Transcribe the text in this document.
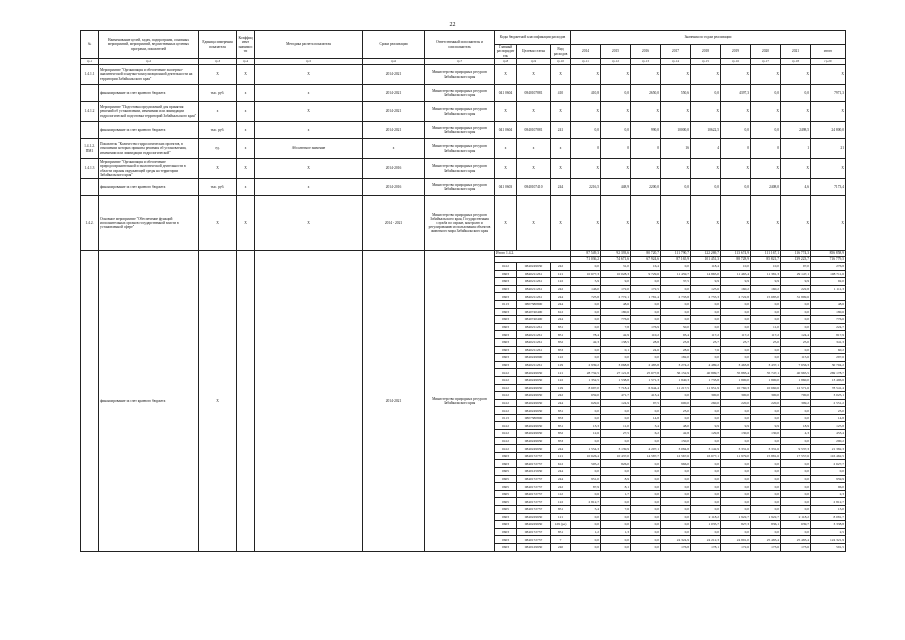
22
№	Наименование целей, задач, подпрограмм, основных мероприятий, мероприятий, ведомственных целевых программ, показателей	Единица измерения показателя	Коэффициент значимости	Методика расчета показателя	Сроки реализации	Ответственный исполнитель и соисполнитель	Коды бюджетной классификации расходов			Значения по годам реализации								
							Главный распорядитель	Целевая статья	Вид расходов	2014	2015	2016	2017	2018	2019	2020	2021	итого
гр.1	гр.2	гр.3	гр.4	гр.5	гр.6	гр.7	гр.8	гр.9	гр.10	гр.11	гр.12	гр.13	гр.14	гр.15	гр.16	гр.17	гр.18	гр.20
1.4.1.1	Мероприятие "Организация и обеспечение экспертно-аналитической и научно-консультационной деятельности на территории Забайкальского края"	Х	Х	Х	2014-2021	Министерство природных ресурсов Забайкальского края	Х	Х	Х	Х	Х	Х	Х	Х	Х	Х	Х	Х
	финансирование за счет краевого бюджета	тыс. руб.	х	х	2014-2021	Министерство природных ресурсов Забайкальского края	041 0604	0840107881	410	410,8	0,0	2650,0	550,6	0,0	4397,3	0,0	0,0	7971,3
1.4.1.2	Мероприятие "Подготовка предложений для принятия решений об установлении, изменении или ликвидации гидрологической подготовка территорий Забайкальского края"	х	х	Х	2014-2021	Министерство природных ресурсов Забайкальского края	Х	Х	Х	Х	Х	Х	Х	Х	Х	Х	Х	Х
	финансирование за счет краевого бюджета	тыс. руб.	х	х	2014-2021	Министерство природных ресурсов Забайкальского края	041 0604	0840107881	241	0,0	0,0	990,0	10000,0	10622,5	0,0	0,0	2498,5	24 800,0
1.4.1.2. ПМ1	Показатель "Количество гидрологических проектов, в отношении которых приняты решения об установлении, изменении или ликвидации гидрологической"	ед.	х	Абсолютное значение	х	Министерство природных ресурсов Забайкальского края	х	х	х	0	0	0	16	4	0	0	1	21
1.4.1.3	Мероприятие "Организация и обеспечение природоохранительной и экологической деятельности в области охраны окружающей среды на территории Забайкальского края"	Х	Х	Х	2014-2016	Министерство природных ресурсов Забайкальского края	Х	Х	Х	Х	Х	Х	Х	Х	Х	Х	Х	Х
	финансирование за счет краевого бюджета	тыс. руб.	х	х	2014-2016	Министерство природных ресурсов Забайкальского края	041 0603	0840107410	244	2216,5	448,9	2200,0	0,0	0,0	0,0	2408,0	4,6	7173,4
1.4.2.	Основное мероприятие "Обеспечение функций исполнительных органов государственной власти в установленной сфере"	Х	Х	Х	2014 - 2021	Министерство природных ресурсов Забайкальского края, Государственная служба по охране, контролю и регулированию использования объектов животного мира Забайкальского края	Х	Х	Х	Х	Х	Х	Х	Х	Х	Х	Х	Х
	финансирование за счет краевого бюджета	Х			2014-2021	Министерство природных ресурсов Забайкальского края	Итого 1.4.2.			87 549,3	92 393,6	80 720,7	111 790,7	122 269,7	113 674,9	111 167,1	116 774,3	856 858,9
										71 036,2	74 671,6	67 924,6	87 165,9	101 451,3	88 728,9	85 821,7	139 223,7	716 779,5
							0412	0840249930	242	0,0	31,0	16,4	0,0	118,4	10,0	10,0	97,0	276,8
							0603	0840211261	121	10 677,3	10 028,3	9 729,6	11 459,7	14 865,0	11 465,4	11 381,3	29 147,1	108 711,6
							0603	0840211261	122	5,9	9,0	0,0	37,5	9,9	9,9	9,9	9,9	92,0
							0603	0840211261	242	146,0	172,0	172,5	0,0	125,6	160,2	160,2	222,8	1 111,3
							0603	0840211261	244	725,8	2 772,1	1 781,4	2 733,8	2 755,3	2 722,8	15 685,0	31 899,6	
							0113	0807380800	244	0,0	48,6	0,0	0,0	0,0	0,0	0,0	0,0	48,6
							0603	0840740400	612	0,0	180,6	0,0	0,0	0,0	0,0	0,0	0,0	180,6
							0603	0840740400	244	0,0	776,6	0,0	0,0	0,0	0,0	0,0	0,0	776,6
							0603	0840211261	831	0,0	7,8	176,9	50,0	0,0	0,0	11,0	0,0	224,7
							0603	0840211261	851	78,4	42,9	110,2	93,4	117,2	117,2	117,2	124,4	817,9
							0603	0840211261	852	42,3	138,5	28,8	23,8	23,7	23,7	25,0	25,0	341,3
							0603	0840211261	853	0,0	0,1	24,6	28,6	7,6	0,0	0,0	0,0	60,2
							0603	0840249990	122	0,0	0,0	0,0	182,0	0,0	0,0	0,0	115,6	297,6
							0603	0840211261	129	2 939,2	3 068,8	2 485,8	3 274,2	4 489,2	3 463,8	3 437,1	7 656,3	30 704,2
							0412	0840249930	121	28 732,5	27 121,8	25 677,8	36 152,9	40 899,7	35 883,4	35 747,1	40 965,5	269 178,7
							0412	0840249930	122	1 352,5	1 538,8	1 571,3	1 840,3	1 733,8	1 800,0	1 800,0	1 860,0	13 496,6
							0412	0840249930	129	8 697,0	7 718,4	6 944,4	11 217,5	11 951,9	10 760,3	10 660,6	12 571,6	78 541,4
							0412	0840249930	242	659,0	471,7	413,4	0,0	300,0	300,0	300,0	700,0	3 025,1
							0412	0840249930	244	629,6	124,9	97,5	600,0	260,0	220,0	220,0	399,2	2 551,2
							0412	0840249930	831	0,0	0,0	0,0	23,0	0,0	0,0	0,0	0,0	23,0
							0113	0807380800	853	0,0	0,0	14,8	0,0	0,0	0,0	0,0	0,0	14,8
							0412	0840249930	851	13,3	11,0	3,4	48,0	9,9	9,9	9,9	18,9	125,8
							0412	0840249930	852	12,6	27,5	6,2	42,8	129,8	130,0	130,0	4,3	453,4
							0412	0840249930	853	0,0	0,0	0,0	150,0	0,0	0,0	0,0	0,0	290,2
							0412	0840249930	244	1 554,3	3 139,9	4 207,1	3 084,8	3 142,9	3 331,6	3 331,6	9 537,3	21 382,3
							0603	0840172737	121	10 626,4	10 437,0	14 587,7	12 567,6	16 677,1	11 979,0	15 881,6	17 557,6	116 462,5
							0603	0840172737	612	505,2	826,0	0,0	966,0	0,0	0,0	0,0	0,0	2 627,7
							0605	0840125930	244	0,0	0,0	0,0	0,0	0,0	0,0	0,0	0,0	0,0
							0605	0840172737	244	951,0	8,9	0,0	0,0	0,0	0,0	0,0	0,0	959,9
							0605	0840172737	242	87,9	8,1	0,0	0,0	0,0	0,0	0,0	0,0	96,0
							0605	0840172737	112	0,6	1,7	0,0	0,0	0,0	0,0	0,0	0,0	2,3
							0605	0840172737	122	2 812,7	0,0	0,0	0,0	0,0	0,0	0,0	0,0	2 812,7
							0605	0840172737	851	5,4	7,6	0,0	0,0	0,0	0,0	0,0	0,0	13,0
							0603	0840229930	121	0,0	0,0	0,0	0,0	2 118,2	1 922,7	1 922,7	2 118,2	8 081,7
							0603	0840229930	129 (ре)	0,0	0,0	0,0	0,0	1 035,7	827,3	836,1	639,7	3 338,8
							0603	0840172737	851	1,2	1,3	0,0	0,0	0,0	0,0	0,0	0,0	2,5
							0603	0840172737	7	0,0	0,0	0,0	24 324,9	24 212,3	24 891,0	25 483,4	25 483,4	124 321,9
							0603	0840129930	240	0,0	0,0	0,0	176,8	178,1	172,6	173,6	173,6	591,5
